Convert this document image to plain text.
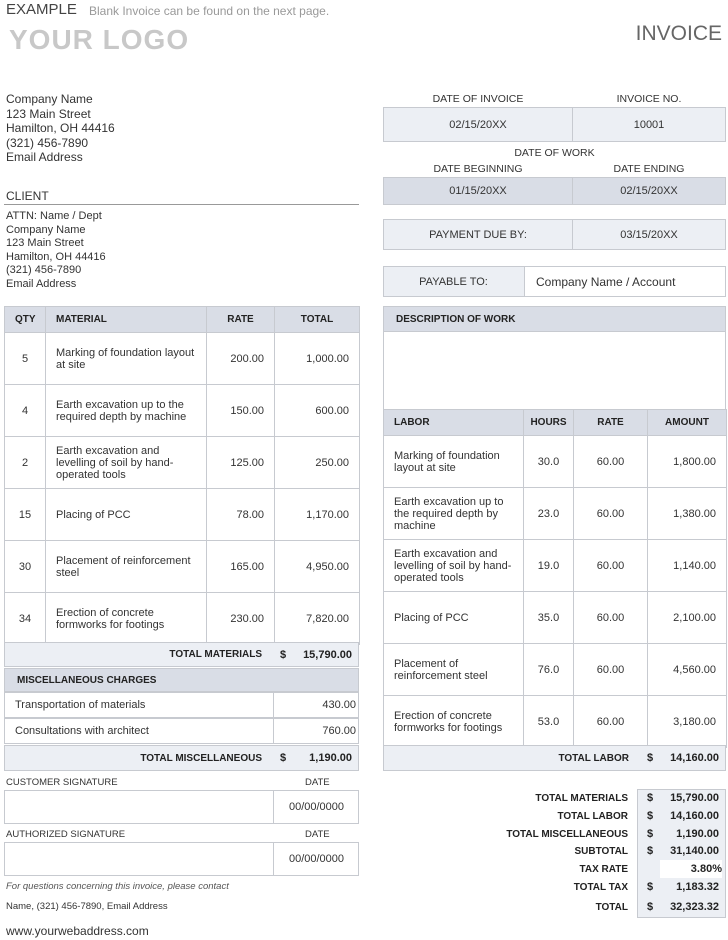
EXAMPLE Blank Invoice can be found on the next page.
YOUR LOGO	INVOICE
Company Name
123 Main Street
Hamilton, OH 44416
(321) 456-7890
Email Address
CLIENT
ATTN: Name / Dept
Company Name
123 Main Street
Hamilton, OH 44416
(321) 456-7890
Email Address
DATE OF INVOICE	INVOICE NO.
02/15/20XX	10001
DATE OF WORK
DATE BEGINNING	DATE ENDING
01/15/20XX	02/15/20XX
PAYMENT DUE BY:	03/15/20XX
PAYABLE TO:	Company Name / Account
QTY	MATERIAL	RATE	TOTAL
5	Marking of foundation layout at site	200.00	1,000.00
4	Earth excavation up to the required depth by machine	150.00	600.00
2	Earth excavation and levelling of soil by hand-operated tools	125.00	250.00
15	Placing of PCC	78.00	1,170.00
30	Placement of reinforcement steel	165.00	4,950.00
34	Erection of concrete formworks for footings	230.00	7,820.00
TOTAL MATERIALS $	15,790.00
MISCELLANEOUS CHARGES
Transportation of materials	430.00
Consultations with architect	760.00
TOTAL MISCELLANEOUS $	1,190.00
CUSTOMER SIGNATURE	DATE
00/00/0000
AUTHORIZED SIGNATURE	DATE
00/00/0000
For questions concerning this invoice, please contact
Name, (321) 456-7890, Email Address
www.yourwebaddress.com
DESCRIPTION OF WORK
LABOR	HOURS	RATE	AMOUNT
Marking of foundation layout at site	30.0	60.00	1,800.00
Earth excavation up to the required depth by machine	23.0	60.00	1,380.00
Earth excavation and levelling of soil by hand-operated tools	19.0	60.00	1,140.00
Placing of PCC	35.0	60.00	2,100.00
Placement of reinforcement steel	76.0	60.00	4,560.00
Erection of concrete formworks for footings	53.0	60.00	3,180.00
TOTAL LABOR $	14,160.00
TOTAL MATERIALS $	15,790.00
TOTAL LABOR $	14,160.00
TOTAL MISCELLANEOUS $	1,190.00
SUBTOTAL $	31,140.00
TAX RATE	3.80%
TOTAL TAX $	1,183.32
TOTAL $	32,323.32
